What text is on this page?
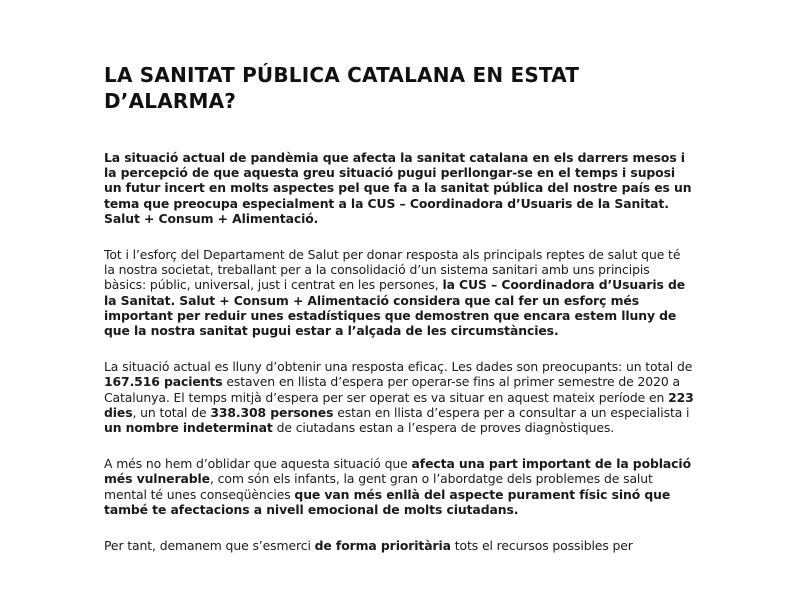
LA SANITAT PÚBLICA CATALANA EN ESTAT D’ALARMA?

La situació actual de pandèmia que afecta la sanitat catalana en els darrers mesos i la percepció de que aquesta greu situació pugui perllongar-se en el temps i suposi un futur incert en molts aspectes pel que fa a la sanitat pública del nostre país es un tema que preocupa especialment a la CUS – Coordinadora d’Usuaris de la Sanitat. Salut + Consum + Alimentació.

Tot i l’esforç del Departament de Salut per donar resposta als principals reptes de salut que té la nostra societat, treballant per a la consolidació d’un sistema sanitari amb uns principis bàsics: públic, universal, just i centrat en les persones, la CUS – Coordinadora d’Usuaris de la Sanitat. Salut + Consum + Alimentació considera que cal fer un esforç més important per reduir unes estadístiques que demostren que encara estem lluny de que la nostra sanitat pugui estar a l’alçada de les circumstàncies.

La situació actual es lluny d’obtenir una resposta eficaç. Les dades son preocupants: un total de 167.516 pacients estaven en llista d’espera per operar-se fins al primer semestre de 2020 a Catalunya. El temps mitjà d’espera per ser operat es va situar en aquest mateix període en 223 dies, un total de 338.308 persones estan en llista d’espera per a consultar a un especialista i un nombre indeterminat de ciutadans estan a l’espera de proves diagnòstiques.

A més no hem d’oblidar que aquesta situació que afecta una part important de la població més vulnerable, com són els infants, la gent gran o l’abordatge dels problemes de salut mental té unes conseqüències que van més enllà del aspecte purament físic sinó que també te afectacions a nivell emocional de molts ciutadans.

Per tant, demanem que s’esmerci de forma prioritària tots el recursos possibles per
